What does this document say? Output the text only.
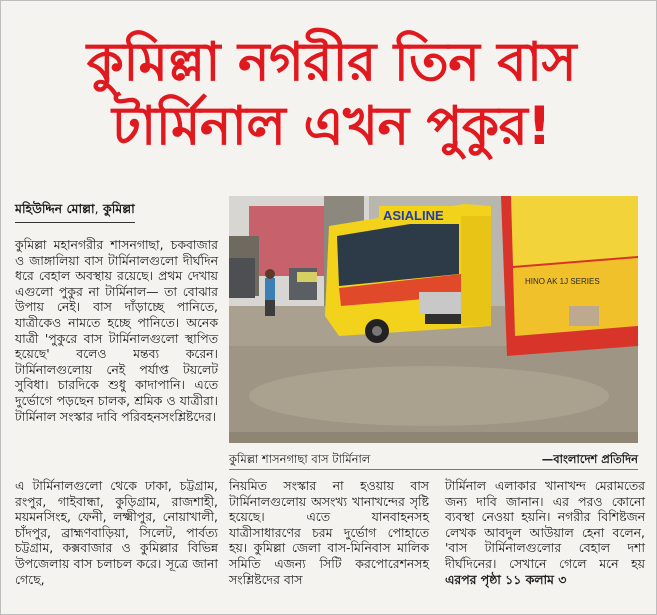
কুমিল্লা নগরীর তিন বাস
টার্মিনাল এখন পুকুর!
মহিউদ্দিন মোল্লা, কুমিল্লা

কুমিল্লা মহানগরীর শাসনগাছা, চকবাজার ও জাঙ্গালিয়া বাস টার্মিনালগুলো দীর্ঘদিন ধরে বেহাল অবস্থায় রয়েছে। প্রথম দেখায় এগুলো পুকুর না টার্মিনাল— তা বোঝার উপায় নেই। বাস দাঁড়াচ্ছে পানিতে, যাত্রীকেও নামতে হচ্ছে পানিতে। অনেক যাত্রী 'পুকুরে বাস টার্মিনালগুলো স্থাপিত হয়েছে' বলেও মন্তব্য করেন। টার্মিনালগুলোয় নেই পর্যাপ্ত টয়লেট সুবিধা। চারদিকে শুধু কাদাপানি। এতে দুর্ভোগে পড়ছেন চালক, শ্রমিক ও যাত্রীরা। টার্মিনাল সংস্কার দাবি পরিবহনসংশ্লিষ্টদের।

ASIALINE
HINO AK 1J SERIES
কুমিল্লা শাসনগাছা বাস টার্মিনাল	—বাংলাদেশ প্রতিদিন

এ টার্মিনালগুলো থেকে ঢাকা, চট্টগ্রাম, রংপুর, গাইবান্ধা, কুড়িগ্রাম, রাজশাহী, ময়মনসিংহ, ফেনী, লক্ষ্মীপুর, নোয়াখালী, চাঁদপুর, ব্রাহ্মণবাড়িয়া, সিলেট, পার্বত্য চট্টগ্রাম, কক্সবাজার ও কুমিল্লার বিভিন্ন উপজেলায় বাস চলাচল করে। সূত্রে জানা গেছে,

নিয়মিত সংস্কার না হওয়ায় বাস টার্মিনালগুলোয় অসংখ্য খানাখন্দের সৃষ্টি হয়েছে। এতে যানবাহনসহ যাত্রীসাধারণের চরম দুর্ভোগ পোহাতে হয়। কুমিল্লা জেলা বাস-মিনিবাস মালিক সমিতি এজন্য সিটি করপোরেশনসহ সংশ্লিষ্টদের বাস

টার্মিনাল এলাকার খানাখন্দ মেরামতের জন্য দাবি জানান। এর পরও কোনো ব্যবস্থা নেওয়া হয়নি। নগরীর বিশিষ্টজন লেখক আবদুল আউয়াল হেনা বলেন, 'বাস টার্মিনালগুলোর বেহাল দশা দীর্ঘদিনের। সেখানে গেলে মনে হয় এরপর পৃষ্ঠা ১১ কলাম ৩
